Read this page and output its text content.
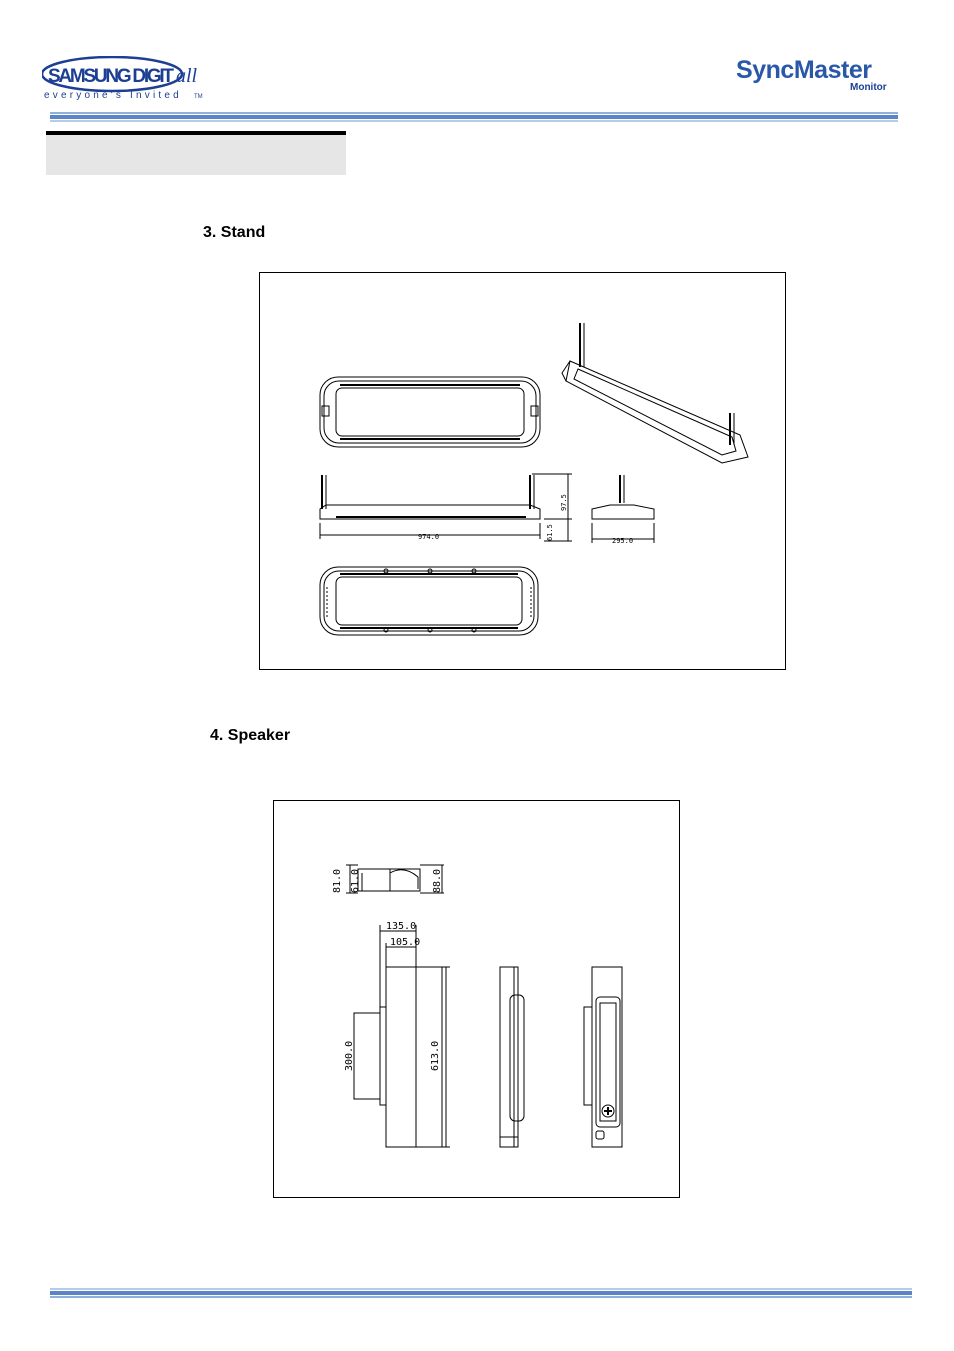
SAMSUNG DIGIT all
everyone's Invited TM
SyncMaster
Monitor
3. Stand
974.0
97.5
61.5	295.0
4. Speaker
81.0 61.0	88.0
135.0
105.0
300.0	613.0
